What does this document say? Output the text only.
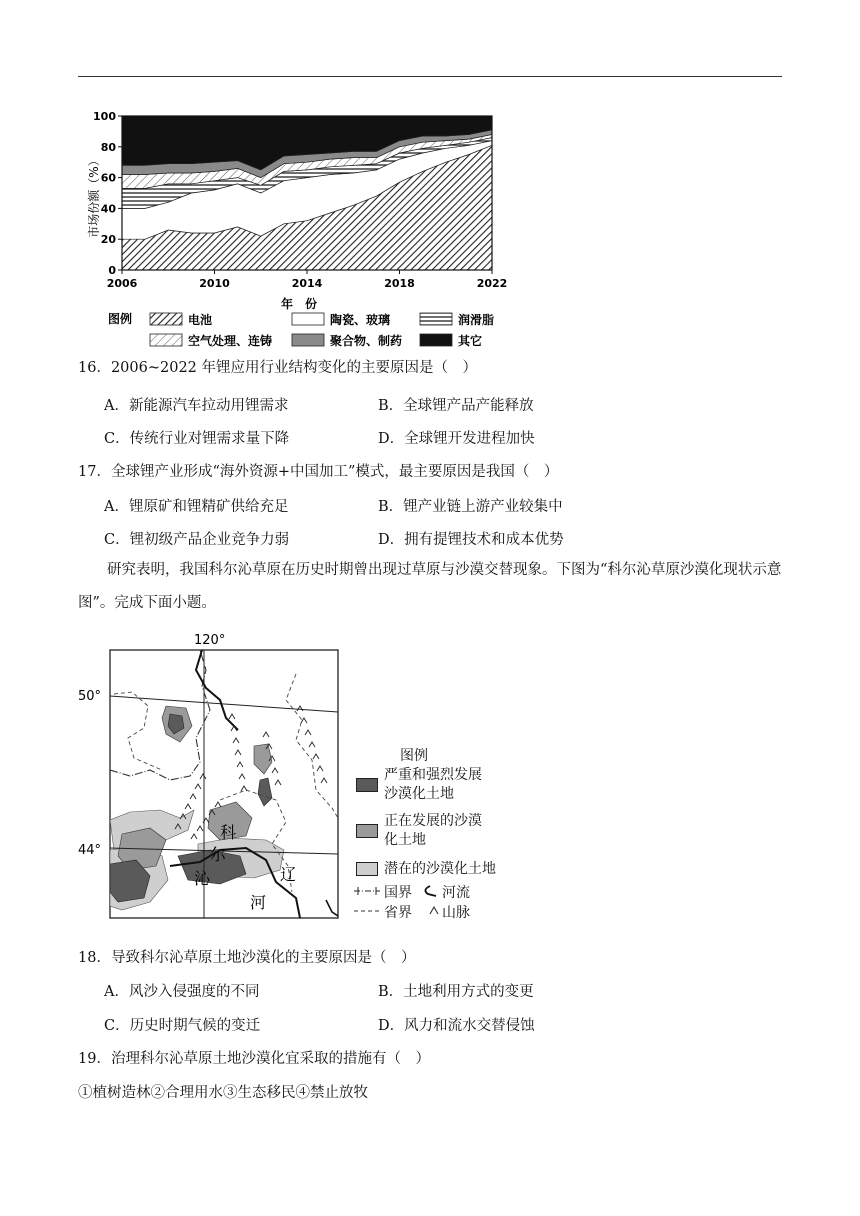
0
20
40
60
80
100
2006	2010	2014	2018	2022
市场份额（%）
年　份
图例	电池	陶瓷、玻璃	润滑脂
空气处理、连铸	聚合物、制药	其它
16．2006~2022 年锂应用行业结构变化的主要原因是（　）
A．新能源汽车拉动用锂需求	B．全球锂产品产能释放
C．传统行业对锂需求量下降	D．全球锂开发进程加快
17．全球锂产业形成“海外资源+中国加工”模式，最主要原因是我国（　）
A．锂原矿和锂精矿供给充足	B．锂产业链上游产业较集中
C．锂初级产品企业竞争力弱	D．拥有提锂技术和成本优势
研究表明，我国科尔沁草原在历史时期曾出现过草原与沙漠交替现象。下图为“科尔沁草原沙漠化现状示意图”。完成下面小题。
120°
50°
44°
科
尔
沁	辽
河
图例
严重和强烈发展
沙漠化土地
正在发展的沙漠
化土地
潜在的沙漠化土地
国界 河流
省界 山脉
18．导致科尔沁草原土地沙漠化的主要原因是（　）
A．风沙入侵强度的不同	B．土地利用方式的变更
C．历史时期气候的变迁	D．风力和流水交替侵蚀
19．治理科尔沁草原土地沙漠化宜采取的措施有（　）
①植树造林②合理用水③生态移民④禁止放牧
